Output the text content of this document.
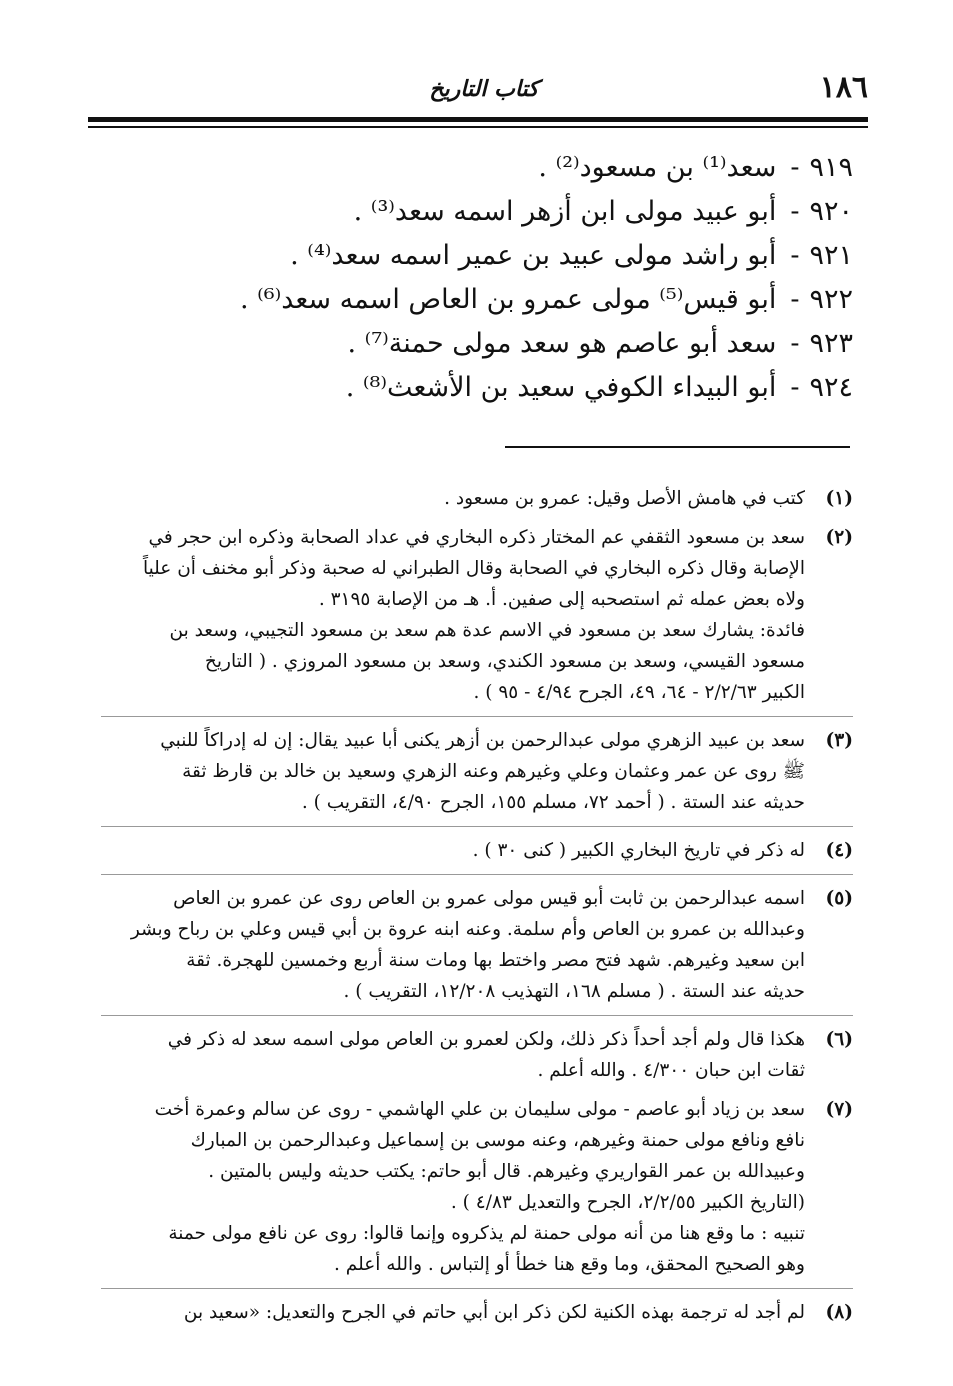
١٨٦
كتاب التاريخ
٩١٩-سعد⁽¹⁾ بن مسعود⁽²⁾ .
٩٢٠-أبو عبيد مولى ابن أزهر اسمه سعد⁽³⁾ .
٩٢١-أبو راشد مولى عبيد بن عمير اسمه سعد⁽⁴⁾ .
٩٢٢-أبو قيس⁽⁵⁾ مولى عمرو بن العاص اسمه سعد⁽⁶⁾ .
٩٢٣-سعد أبو عاصم هو سعد مولى حمنة⁽⁷⁾ .
٩٢٤-أبو البيداء الكوفي سعيد بن الأشعث⁽⁸⁾ .
(١)
كتب في هامش الأصل وقيل: عمرو بن مسعود .
(٢)
سعد بن مسعود الثقفي عم المختار ذكره البخاري في عداد الصحابة وذكره ابن حجر في
الإصابة وقال ذكره البخاري في الصحابة وقال الطبراني له صحبة وذكر أبو مخنف أن علياً
ولاه بعض عمله ثم استصحبه إلى صفين. أ. هـ من الإصابة ٣١٩٥ .
فائدة: يشارك سعد بن مسعود في الاسم عدة هم سعد بن مسعود التجيبي، وسعد بن
مسعود القيسي، وسعد بن مسعود الكندي، وسعد بن مسعود المروزي . ( التاريخ
الكبير ٢/٢/٦٣ - ٦٤، ٤٩، الجرح ٤/٩٤ - ٩٥ ) .
(٣)
سعد بن عبيد الزهري مولى عبدالرحمن بن أزهر يكنى أبا عبيد يقال: إن له إدراكاً للنبي
ﷺ روى عن عمر وعثمان وعلي وغيرهم وعنه الزهري وسعيد بن خالد بن قارظ ثقة
حديثه عند الستة . ( أحمد ٧٢، مسلم ١٥٥، الجرح ٤/٩٠، التقريب ) .
(٤)
له ذكر في تاريخ البخاري الكبير ( كنى ٣٠ ) .
(٥)
اسمه عبدالرحمن بن ثابت أبو قيس مولى عمرو بن العاص روى عن عمرو بن العاص
وعبدالله بن عمرو بن العاص وأم سلمة. وعنه ابنه عروة بن أبي قيس وعلي بن رباح وبشر
ابن سعيد وغيرهم. شهد فتح مصر واختط بها ومات سنة أربع وخمسين للهجرة. ثقة
حديثه عند الستة . ( مسلم ١٦٨، التهذيب ١٢/٢٠٨، التقريب ) .
(٦)
هكذا قال ولم أجد أحداً ذكر ذلك، ولكن لعمرو بن العاص مولى اسمه سعد له ذكر في
ثقات ابن حبان ٤/٣٠٠ . والله أعلم .
(٧)
سعد بن زياد أبو عاصم - مولى سليمان بن علي الهاشمي - روى عن سالم وعمرة أخت
نافع ونافع مولى حمنة وغيرهم، وعنه موسى بن إسماعيل وعبدالرحمن بن المبارك
وعبيدالله بن عمر القواريري وغيرهم. قال أبو حاتم: يكتب حديثه وليس بالمتين .
(التاريخ الكبير ٢/٢/٥٥، الجرح والتعديل ٤/٨٣ ) .
تنبيه : ما وقع هنا من أنه مولى حمنة لم يذكروه وإنما قالوا: روى عن نافع مولى حمنة
وهو الصحيح المحقق، وما وقع هنا خطأ أو إلتباس . والله أعلم .
(٨)
لم أجد له ترجمة بهذه الكنية لكن ذكر ابن أبي حاتم في الجرح والتعديل: «سعيد بن
